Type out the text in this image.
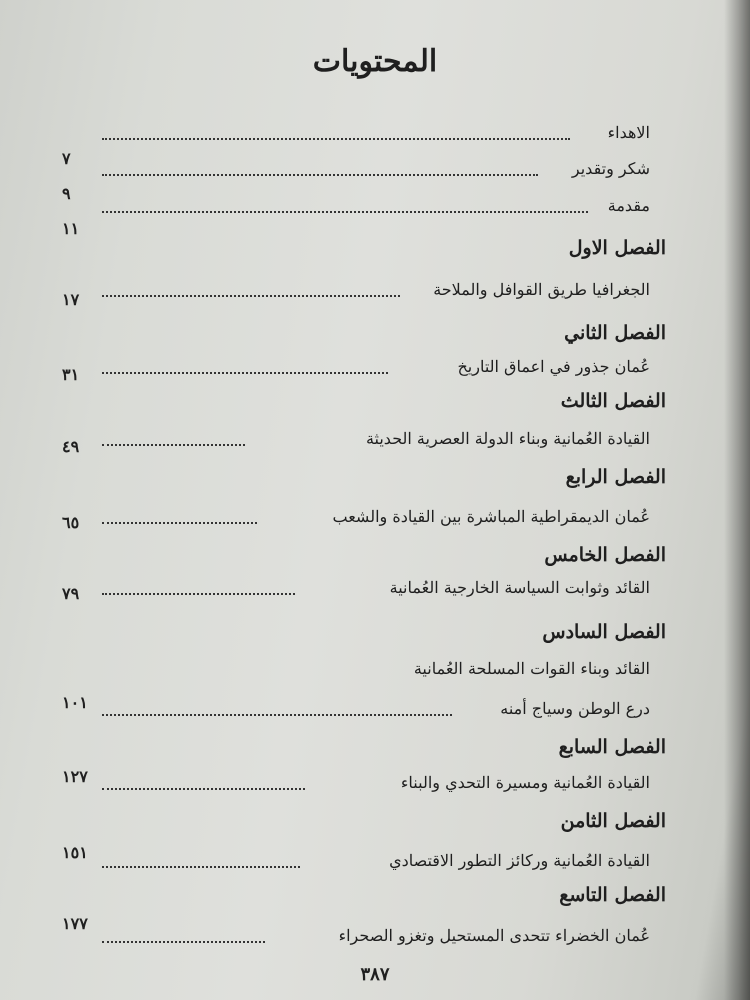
المحتويات
الاهداء
٧
شكر وتقدير
٩
مقدمة
١١
الفصل الاول
الجغرافيا طريق القوافل والملاحة
١٧
الفصل الثاني
عُمان جذور في اعماق التاريخ
٣١
الفصل الثالث
القيادة العُمانية وبناء الدولة العصرية الحديثة
٤٩
الفصل الرابع
عُمان الديمقراطية المباشرة بين القيادة والشعب
٦٥
الفصل الخامس
القائد وثوابت السياسة الخارجية العُمانية
٧٩
الفصل السادس
القائد وبناء القوات المسلحة العُمانية
درع الوطن وسياج أمنه
١٠١
الفصل السابع
القيادة العُمانية ومسيرة التحدي والبناء
١٢٧
الفصل الثامن
القيادة العُمانية وركائز التطور الاقتصادي
١٥١
الفصل التاسع
عُمان الخضراء تتحدى المستحيل وتغزو الصحراء
١٧٧
٣٨٧
